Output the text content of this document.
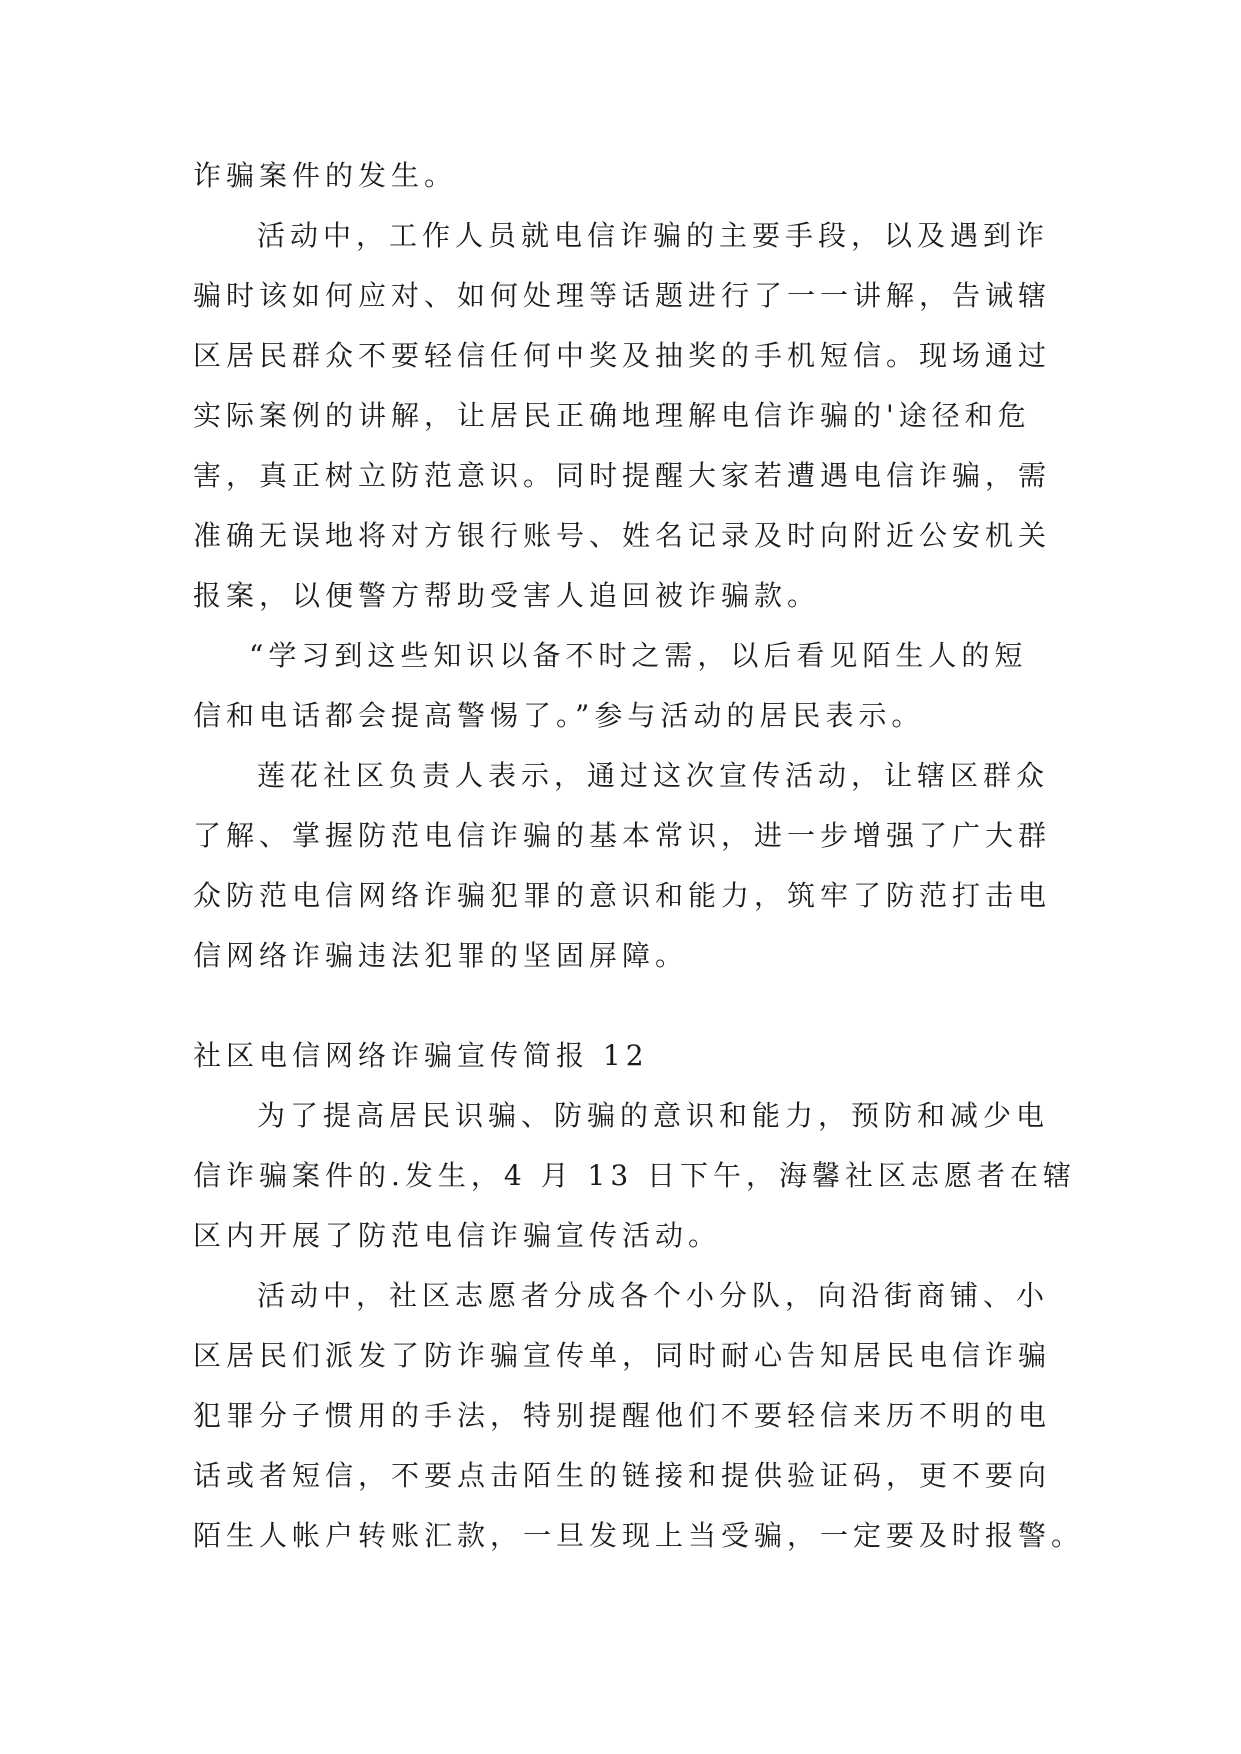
诈骗案件的发生。
活动中，工作人员就电信诈骗的主要手段，以及遇到诈
骗时该如何应对、如何处理等话题进行了一一讲解，告诫辖
区居民群众不要轻信任何中奖及抽奖的手机短信。现场通过
实际案例的讲解，让居民正确地理解电信诈骗的'途径和危
害，真正树立防范意识。同时提醒大家若遭遇电信诈骗，需
准确无误地将对方银行账号、姓名记录及时向附近公安机关
报案，以便警方帮助受害人追回被诈骗款。
“学习到这些知识以备不时之需，以后看见陌生人的短
信和电话都会提高警惕了。”参与活动的居民表示。
莲花社区负责人表示，通过这次宣传活动，让辖区群众
了解、掌握防范电信诈骗的基本常识，进一步增强了广大群
众防范电信网络诈骗犯罪的意识和能力，筑牢了防范打击电
信网络诈骗违法犯罪的坚固屏障。
社区电信网络诈骗宣传简报 12
为了提高居民识骗、防骗的意识和能力，预防和减少电
信诈骗案件的.发生，4 月 13 日下午，海馨社区志愿者在辖
区内开展了防范电信诈骗宣传活动。
活动中，社区志愿者分成各个小分队，向沿街商铺、小
区居民们派发了防诈骗宣传单，同时耐心告知居民电信诈骗
犯罪分子惯用的手法，特别提醒他们不要轻信来历不明的电
话或者短信，不要点击陌生的链接和提供验证码，更不要向
陌生人帐户转账汇款，一旦发现上当受骗，一定要及时报警。
